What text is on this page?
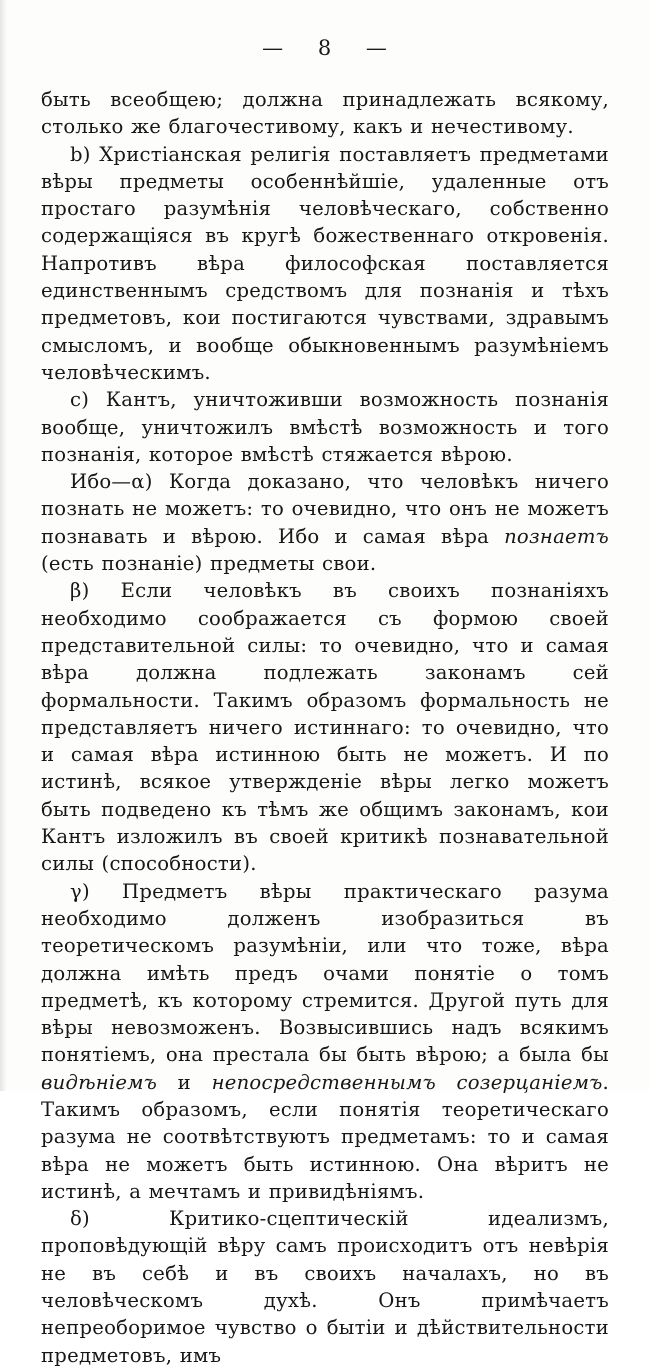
— 8 —

быть всеобщею; должна принадлежать всякому, столько же благочестивому, какъ и нечестивому.

b) Христіанская религія поставляетъ предметами вѣры предметы особеннѣйшіе, удаленные отъ простаго разумѣнія человѣческаго, собственно содержащіяся въ кругѣ божественнаго откровенія. Напротивъ вѣра философская поставляется единственнымъ средствомъ для познанія и тѣхъ предметовъ, кои постигаются чувствами, здравымъ смысломъ, и вообще обыкновеннымъ разумѣніемъ человѣческимъ.

с) Кантъ, уничтоживши возможность познанія вообще, уничтожилъ вмѣстѣ возможность и того познанія, которое вмѣстѣ стяжается вѣрою.

Ибо—α) Когда доказано, что человѣкъ ничего познать не можетъ: то очевидно, что онъ не можетъ познавать и вѣрою. Ибо и самая вѣра познаетъ (есть познаніе) предметы свои.

β) Если человѣкъ въ своихъ познаніяхъ необходимо соображается съ формою своей представительной силы: то очевидно, что и самая вѣра должна подлежать законамъ сей формальности. Такимъ образомъ формальность не представляетъ ничего истиннаго: то очевидно, что и самая вѣра истинною быть не можетъ. И по истинѣ, всякое утвержденіе вѣры легко можетъ быть подведено къ тѣмъ же общимъ законамъ, кои Кантъ изложилъ въ своей критикѣ познавательной силы (способности).

γ) Предметъ вѣры практическаго разума необходимо долженъ изобразиться въ теоретическомъ разумѣніи, или что тоже, вѣра должна имѣть предъ очами понятіе о томъ предметѣ, къ которому стремится. Другой путь для вѣры невозможенъ. Возвысившись надъ всякимъ понятіемъ, она престала бы быть вѣрою; а была бы видѣніемъ и непосредственнымъ созерцаніемъ. Такимъ образомъ, если понятія теоретическаго разума не соотвѣтствуютъ предметамъ: то и самая вѣра не можетъ быть истинною. Она вѣритъ не истинѣ, а мечтамъ и привидѣніямъ.

δ) Критико-сцептическій идеализмъ, проповѣдующій вѣру самъ происходитъ отъ невѣрія не въ себѣ и въ своихъ началахъ, но въ человѣческомъ духѣ. Онъ примѣчаетъ непреоборимое чувство о бытіи и дѣйствительности предметовъ, имъ
